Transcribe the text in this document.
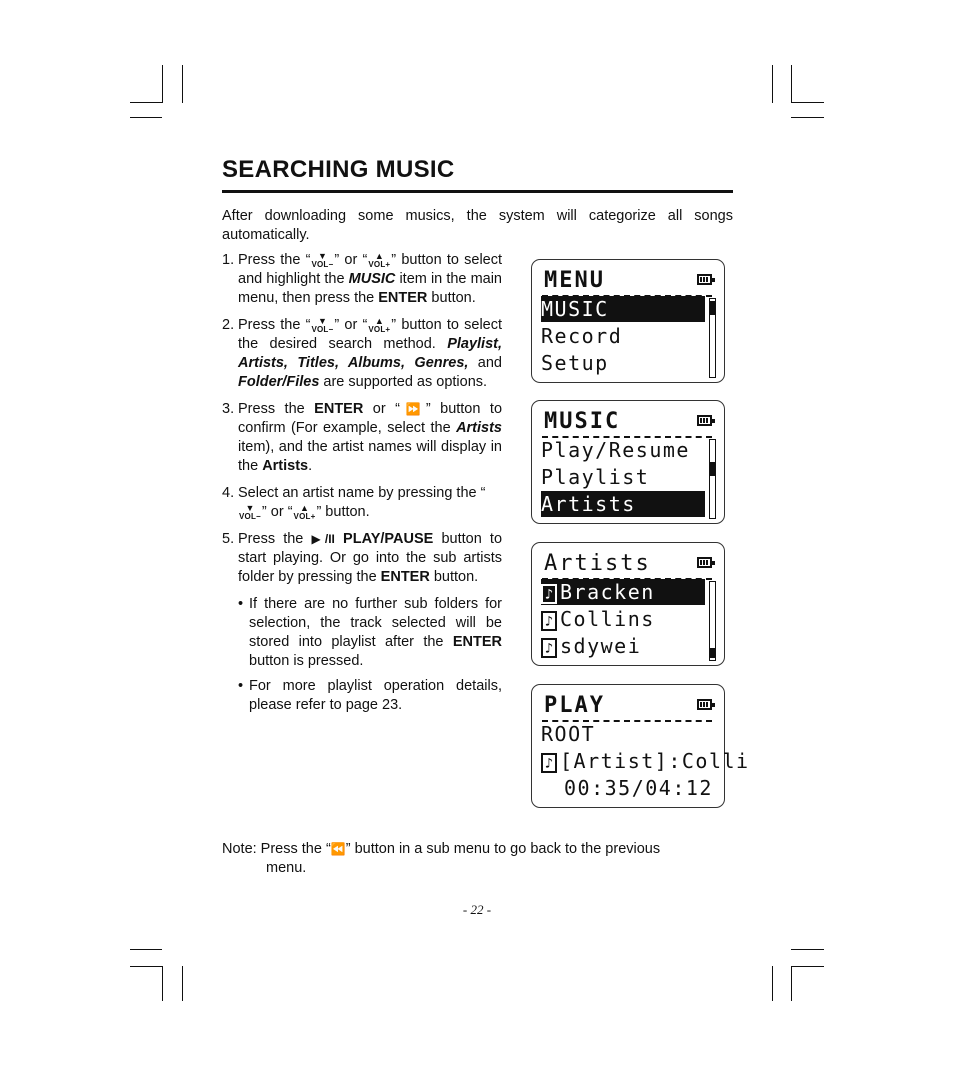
SEARCHING MUSIC

After downloading some musics, the system will categorize all songs automatically.

1. Press the “ ▼
VOL− ” or “ ▲
VOL+ ” button to select and highlight the MUSIC item in the main menu, then press the ENTER button.
2. Press the “ ▼
VOL− ” or “ ▲
VOL+ ” button to select the desired search method. Playlist, Artists, Titles, Albums, Genres, and Folder/Files are supported as options.
3. Press the ENTER or “⏩” button to confirm (For example, select the Artists item), and the artist names will display in the Artists.
4. Select an artist name by pressing the “
▼
VOL− ” or “ ▲
VOL+ ” button.
5. Press the ▶/II PLAY/PAUSE button to start playing. Or go into the sub artists folder by pressing the ENTER button.
• If there are no further sub folders for selection, the track selected will be stored into playlist after the ENTER button is pressed.
• For more playlist operation details, please refer to page 23.
MENU
MUSIC
Record
Setup
MUSIC
Play/Resume
Playlist
Artists
Artists
♪ Bracken
♪ Collins
♪ sdywei
PLAY
ROOT
♪ [Artist]:Colli
00:35/04:12
Note: Press the “⏪” button in a sub menu to go back to the previous
menu.
- 22 -
